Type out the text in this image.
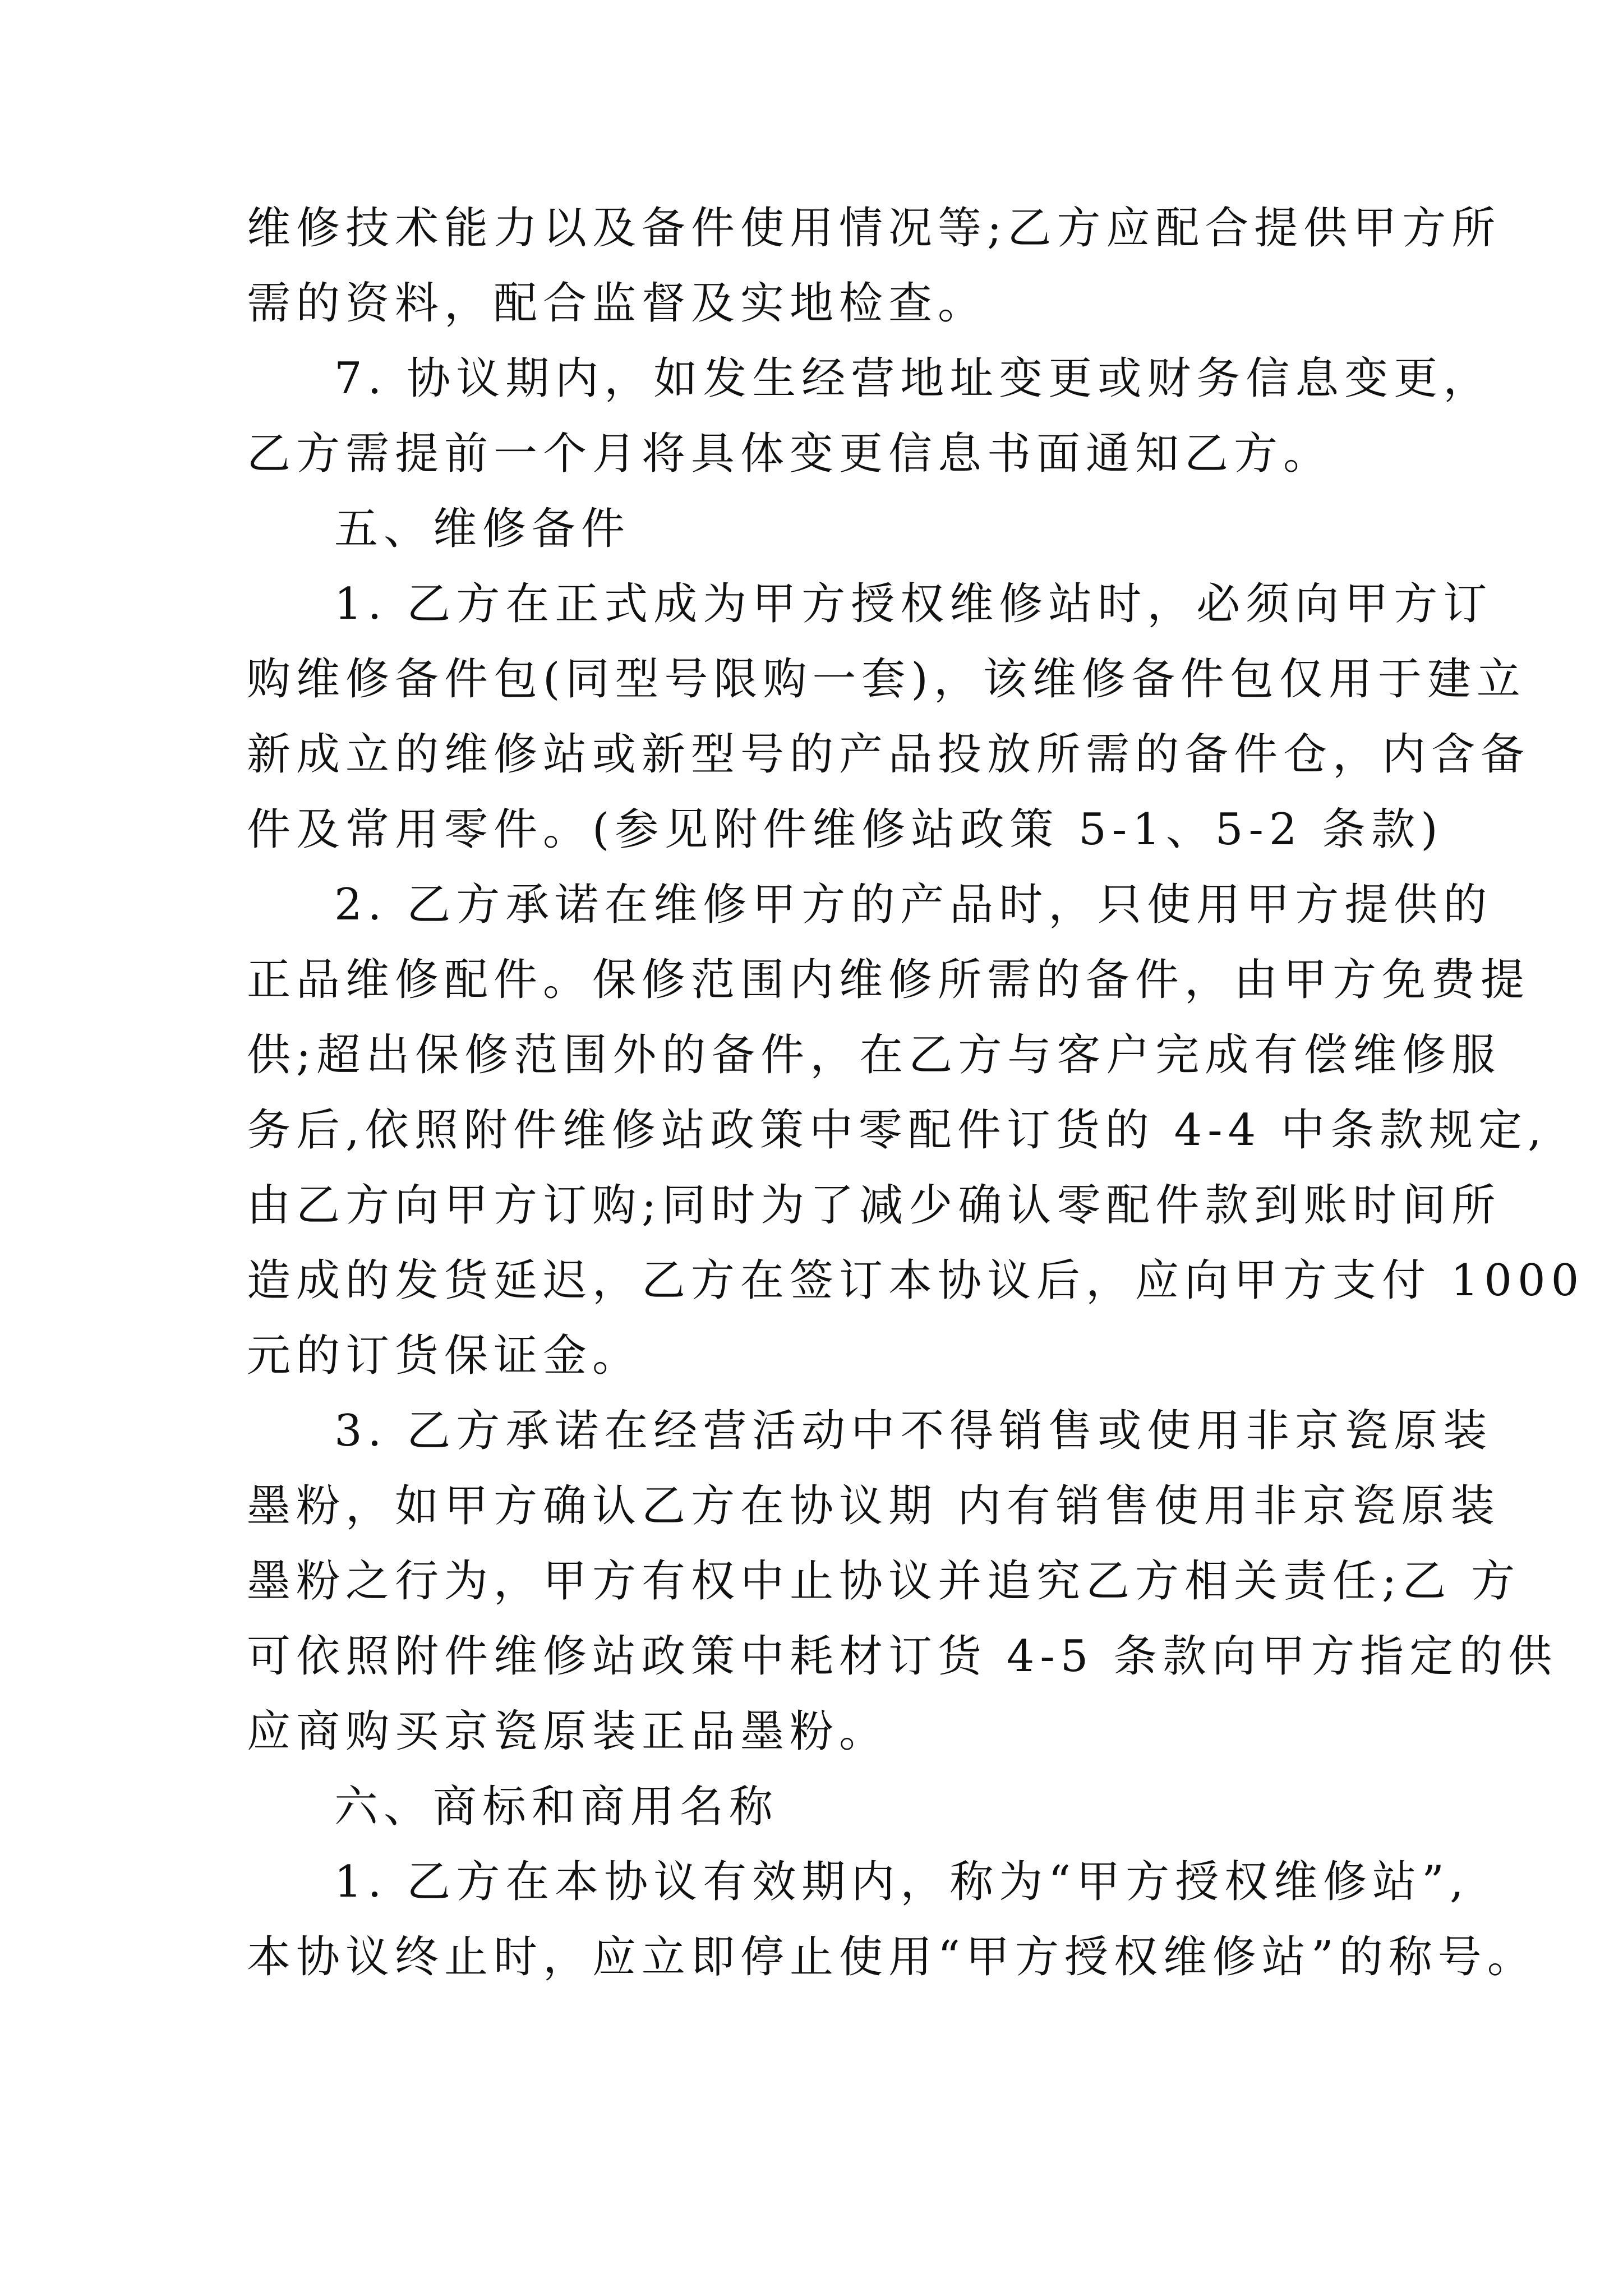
维修技术能力以及备件使用情况等;乙方应配合提供甲方所
需的资料，配合监督及实地检查。
7. 协议期内，如发生经营地址变更或财务信息变更，
乙方需提前一个月将具体变更信息书面通知乙方。
五、维修备件
1. 乙方在正式成为甲方授权维修站时，必须向甲方订
购维修备件包(同型号限购一套)，该维修备件包仅用于建立
新成立的维修站或新型号的产品投放所需的备件仓，内含备
件及常用零件。(参见附件维修站政策 5-1、5-2 条款)
2. 乙方承诺在维修甲方的产品时，只使用甲方提供的
正品维修配件。保修范围内维修所需的备件，由甲方免费提
供;超出保修范围外的备件，在乙方与客户完成有偿维修服
务后,依照附件维修站政策中零配件订货的 4-4 中条款规定,
由乙方向甲方订购;同时为了减少确认零配件款到账时间所
造成的发货延迟，乙方在签订本协议后，应向甲方支付 1000
元的订货保证金。
3. 乙方承诺在经营活动中不得销售或使用非京瓷原装
墨粉，如甲方确认乙方在协议期 内有销售使用非京瓷原装
墨粉之行为，甲方有权中止协议并追究乙方相关责任;乙 方
可依照附件维修站政策中耗材订货 4-5 条款向甲方指定的供
应商购买京瓷原装正品墨粉。
六、商标和商用名称
1. 乙方在本协议有效期内，称为“甲方授权维修站”,
本协议终止时，应立即停止使用“甲方授权维修站”的称号。
